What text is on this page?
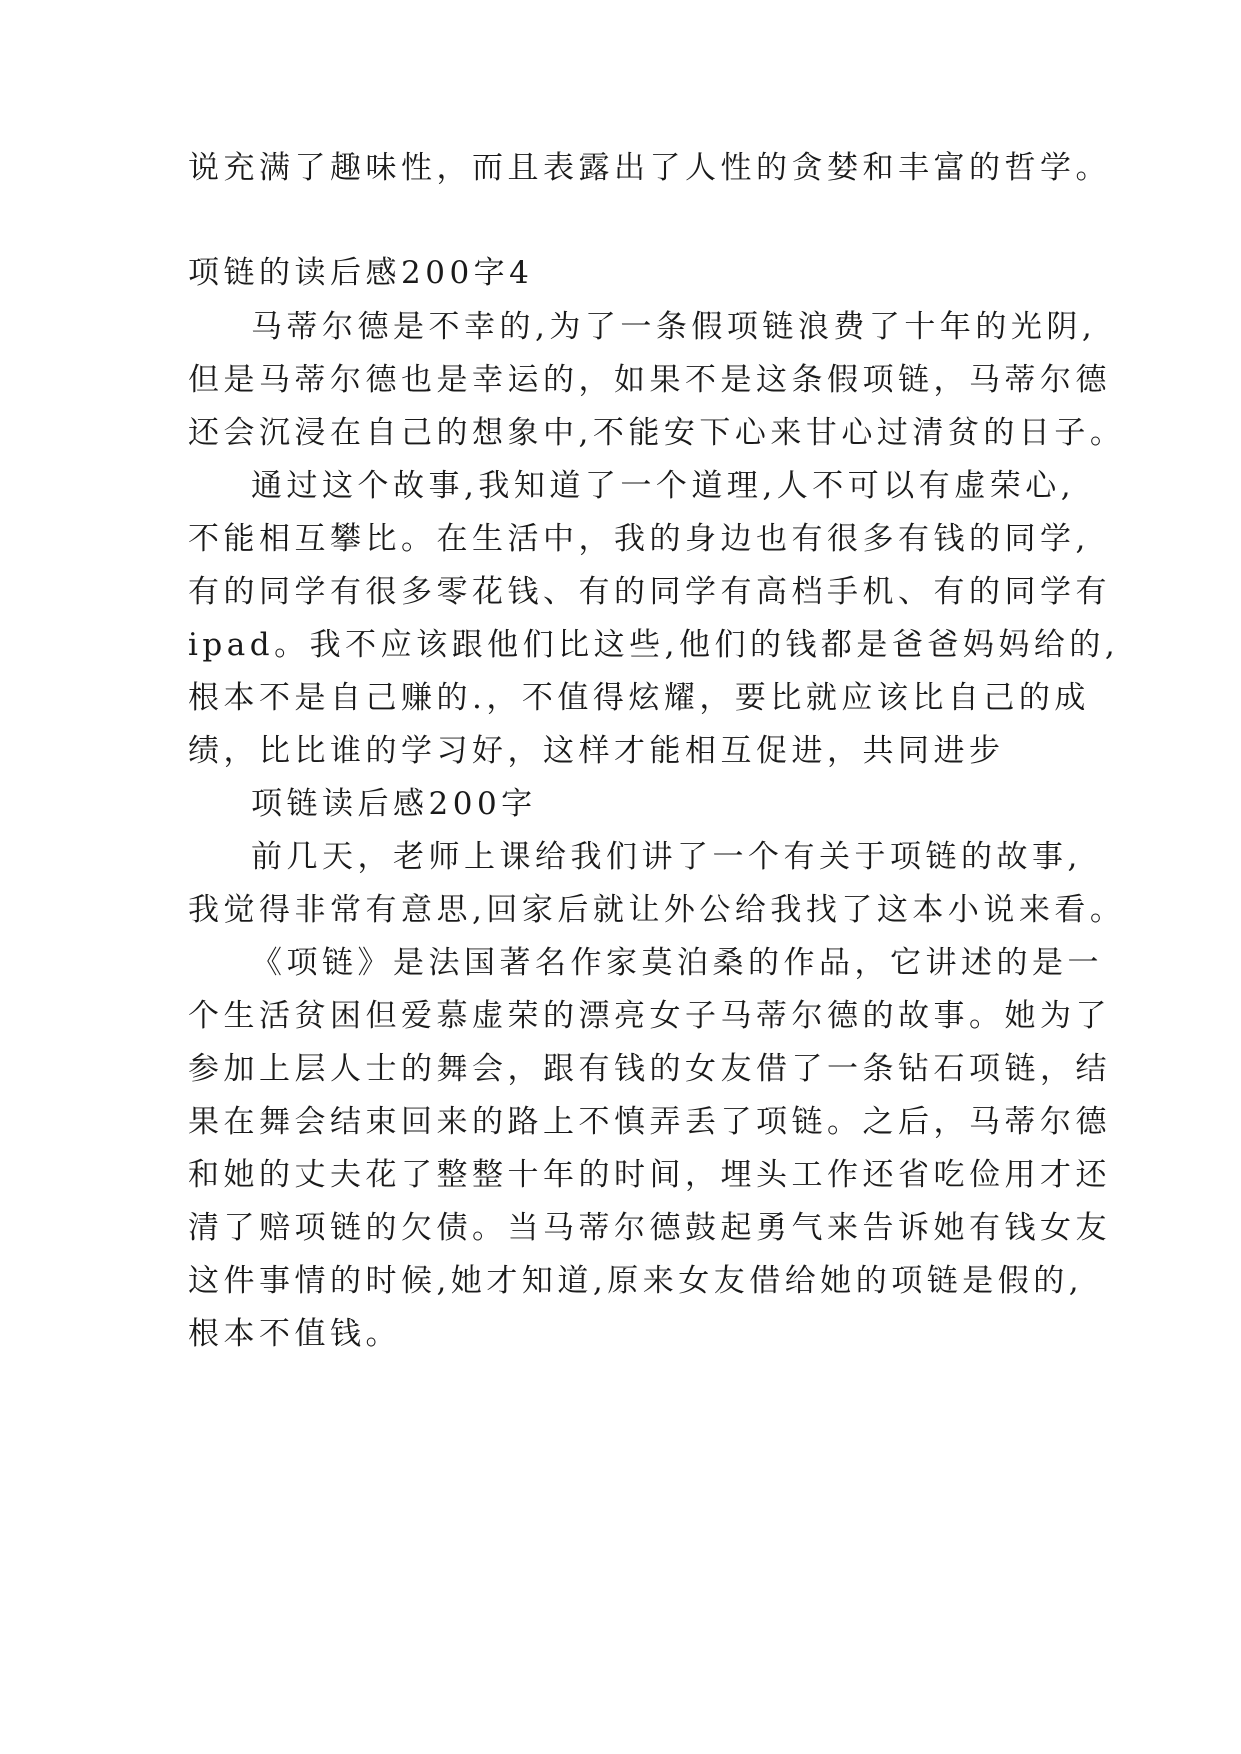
说充满了趣味性，而且表露出了人性的贪婪和丰富的哲学。
项链的读后感200字4
马蒂尔德是不幸的,为了一条假项链浪费了十年的光阴,
但是马蒂尔德也是幸运的，如果不是这条假项链，马蒂尔德
还会沉浸在自己的想象中,不能安下心来甘心过清贫的日子。
通过这个故事,我知道了一个道理,人不可以有虚荣心,
不能相互攀比。在生活中，我的身边也有很多有钱的同学,
有的同学有很多零花钱、有的同学有高档手机、有的同学有
ipad。我不应该跟他们比这些,他们的钱都是爸爸妈妈给的,
根本不是自己赚的.，不值得炫耀，要比就应该比自己的成
绩，比比谁的学习好，这样才能相互促进，共同进步
项链读后感200字
前几天，老师上课给我们讲了一个有关于项链的故事,
我觉得非常有意思,回家后就让外公给我找了这本小说来看。
《项链》是法国著名作家莫泊桑的作品，它讲述的是一
个生活贫困但爱慕虚荣的漂亮女子马蒂尔德的故事。她为了
参加上层人士的舞会，跟有钱的女友借了一条钻石项链，结
果在舞会结束回来的路上不慎弄丢了项链。之后，马蒂尔德
和她的丈夫花了整整十年的时间，埋头工作还省吃俭用才还
清了赔项链的欠债。当马蒂尔德鼓起勇气来告诉她有钱女友
这件事情的时候,她才知道,原来女友借给她的项链是假的,
根本不值钱。
